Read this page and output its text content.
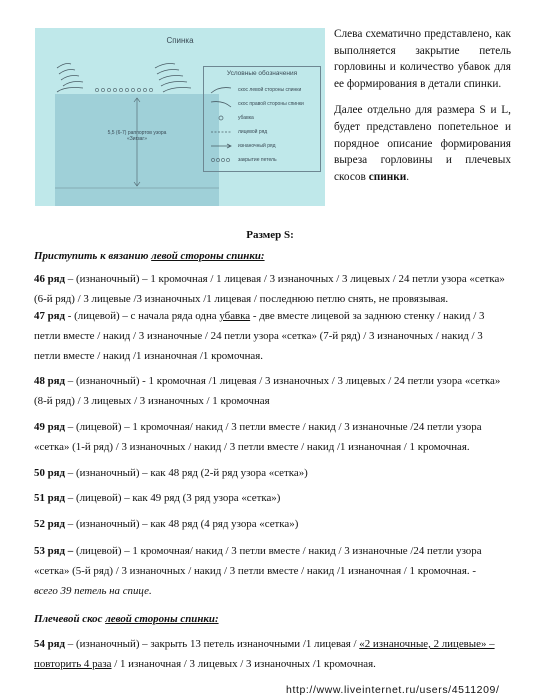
Спинка
5,5 (6-7) раппортов узора «Зигзаг»
Условные обозначения
скос левой стороны спинки
скос правой стороны спинки
убавка
лицевой ряд
изнаночный ряд
закрытие петель

Слева схематично представлено, как выполняется закрытие петель горловины и количество убавок для ее формирования в детали спинки.

Далее отдельно для размера S и L, будет представлено попетельное и порядное описание формирования выреза горловины и плечевых скосов спинки.

Размер S:
Приступить к вязанию левой стороны спинки:
46 ряд – (изнаночный) – 1 кромочная / 1 лицевая / 3 изнаночных / 3 лицевых / 24 петли узора «сетка» (6-й ряд) / 3 лицевые /3 изнаночных /1 лицевая / последнюю петлю снять, не провязывая.
47 ряд - (лицевой) – с начала ряда одна убавка - две вместе лицевой за заднюю стенку / накид / 3 петли вместе / накид / 3 изнаночные / 24 петли узора «сетка» (7-й ряд) / 3 изнаночных / накид / 3 петли вместе / накид /1 изнаночная /1 кромочная.
48 ряд – (изнаночный) - 1 кромочная /1 лицевая / 3 изнаночных / 3 лицевых / 24 петли узора «сетка» (8-й ряд) / 3 лицевых / 3 изнаночных / 1 кромочная
49 ряд – (лицевой) – 1 кромочная/ накид / 3 петли вместе / накид / 3 изнаночные /24 петли узора «сетка» (1-й ряд) / 3 изнаночных / накид / 3 петли вместе / накид /1 изнаночная / 1 кромочная.
50 ряд – (изнаночный) – как 48 ряд (2-й ряд узора «сетка»)
51 ряд – (лицевой) – как 49 ряд (3 ряд узора «сетка»)
52 ряд – (изнаночный) – как 48 ряд (4 ряд узора «сетка»)
53 ряд – (лицевой) – 1 кромочная/ накид / 3 петли вместе / накид / 3 изнаночные /24 петли узора «сетка» (5-й ряд) / 3 изнаночных / накид / 3 петли вместе / накид /1 изнаночная / 1 кромочная. -
всего 39 петель на спице.
Плечевой скос левой стороны спинки:
54 ряд – (изнаночный) – закрыть 13 петель изнаночными /1 лицевая / «2 изнаночные, 2 лицевые» – повторить 4 раза / 1 изнаночная / 3 лицевых / 3 изнаночных /1 кромочная.
http://www.liveinternet.ru/users/4511209/
